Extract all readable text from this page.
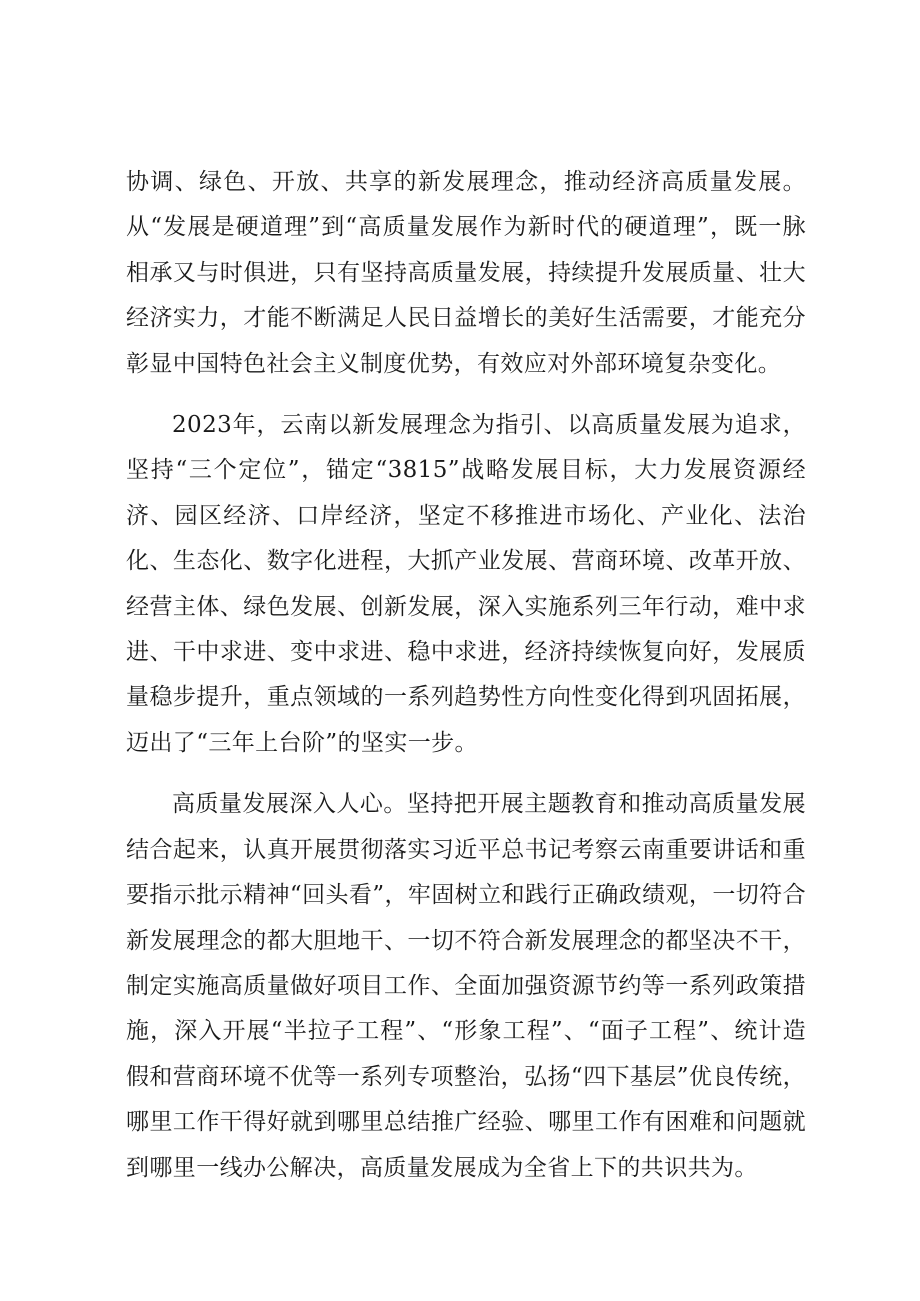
协调、绿色、开放、共享的新发展理念，推动经济高质量发展。从“发展是硬道理”到“高质量发展作为新时代的硬道理”，既一脉相承又与时俱进，只有坚持高质量发展，持续提升发展质量、壮大经济实力，才能不断满足人民日益增长的美好生活需要，才能充分彰显中国特色社会主义制度优势，有效应对外部环境复杂变化。

2023年，云南以新发展理念为指引、以高质量发展为追求，坚持“三个定位”，锚定“3815”战略发展目标，大力发展资源经济、园区经济、口岸经济，坚定不移推进市场化、产业化、法治化、生态化、数字化进程，大抓产业发展、营商环境、改革开放、经营主体、绿色发展、创新发展，深入实施系列三年行动，难中求进、干中求进、变中求进、稳中求进，经济持续恢复向好，发展质量稳步提升，重点领域的一系列趋势性方向性变化得到巩固拓展，迈出了“三年上台阶”的坚实一步。

高质量发展深入人心。坚持把开展主题教育和推动高质量发展结合起来，认真开展贯彻落实习近平总书记考察云南重要讲话和重要指示批示精神“回头看”，牢固树立和践行正确政绩观，一切符合新发展理念的都大胆地干、一切不符合新发展理念的都坚决不干，制定实施高质量做好项目工作、全面加强资源节约等一系列政策措施，深入开展“半拉子工程”、“形象工程”、“面子工程”、统计造假和营商环境不优等一系列专项整治，弘扬“四下基层”优良传统，哪里工作干得好就到哪里总结推广经验、哪里工作有困难和问题就到哪里一线办公解决，高质量发展成为全省上下的共识共为。
